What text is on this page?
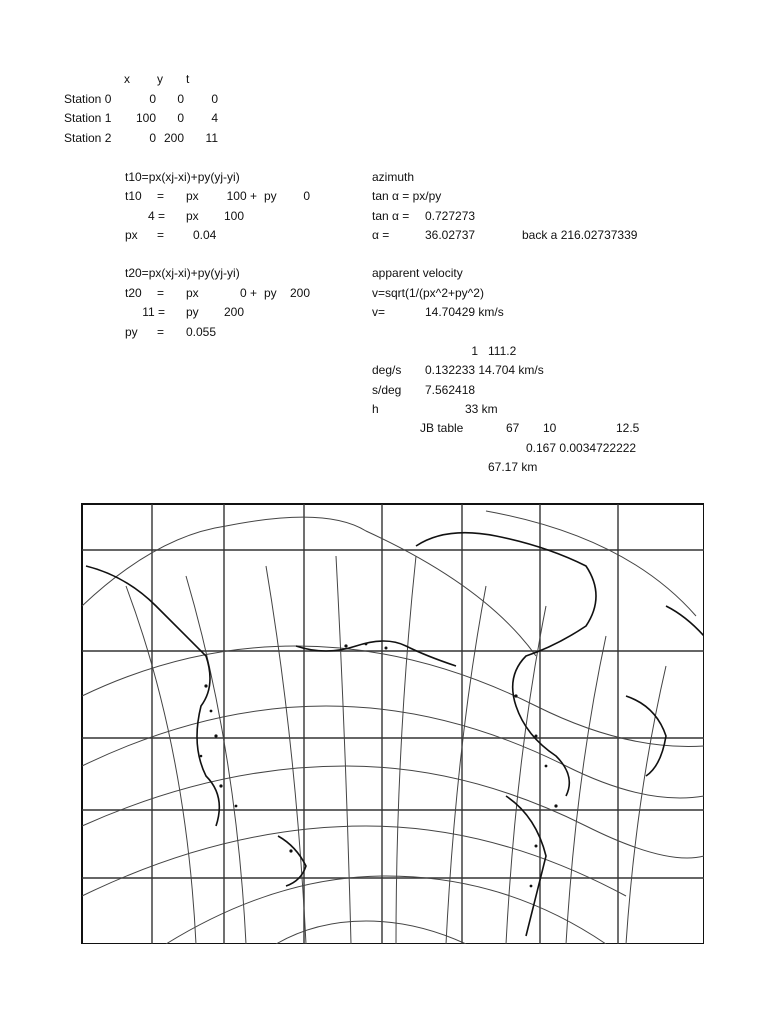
x y t
Station 0	0	0	0
Station 1	100	0	4
Station 2	0 200	11
t10=px(xj-xi)+py(yj-yi)
t10 = px	100 + py	0
4 = px 100
px = 0.04
t20=px(xj-xi)+py(yj-yi)
t20 = px	0 + py	200
11 = py 200
py = 0.055
azimuth
tan α = px/py
tan α = 0.727273
α =	36.02737	back a 216.02737339
apparent velocity
v=sqrt(1/(px^2+py^2)
v=	14.70429 km/s
1 111.2
deg/s 0.132233 14.704 km/s
s/deg 7.562418
h	33 km
JB table	67 10	12.5
0.167 0.0034722222
67.17 km
